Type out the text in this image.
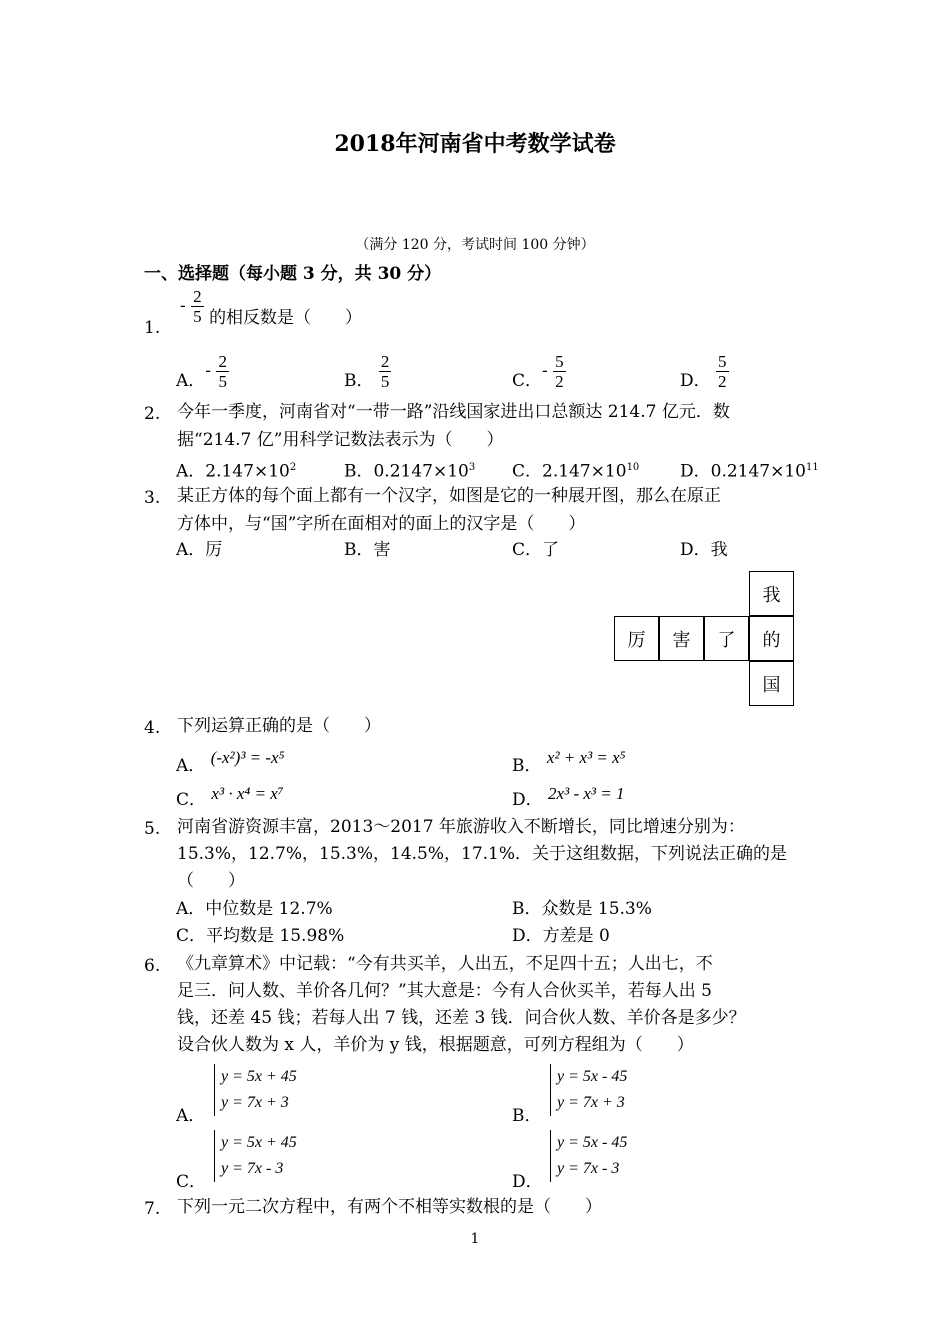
2018年河南省中考数学试卷
（满分 120 分，考试时间 100 分钟）
一、选择题（每小题 3 分，共 30 分）
1.
- $\frac{2}{5}$ 的相反数是（　　）
A．- $\frac{2}{5}$	B． $\frac{2}{5}$	C．- $\frac{5}{2}$	D． $\frac{5}{2}$
2. 今年一季度，河南省对“一带一路”沿线国家进出口总额达 214.7 亿元．数
据“214.7 亿”用科学记数法表示为（　　）
A．$2.147\times 10^2$	B．$0.2147\times 10^3$ C．$2.147\times 10^{10}$ D．$0.2147\times 10^{11}$
3. 某正方体的每个面上都有一个汉字，如图是它的一种展开图，那么在原正
方体中，与“国”字所在面相对的面上的汉字是（　　）
A．厉	B．害	C．了	D．我
我
厉	害	了	的
国
4. 下列运算正确的是（　　）
A． (-x²)³ = -x⁵	B． x² + x³ = x⁵
C． x³ · x⁴ = x⁷	D． 2x³ - x³ = 1
5. 河南省游资源丰富，2013～2017 年旅游收入不断增长，同比增速分别为：
15.3%，12.7%，15.3%，14.5%，17.1%．关于这组数据，下列说法正确的是
（　　）
A．中位数是 12.7%	B．众数是 15.3%
C．平均数是 15.98%	D．方差是 0
6. 《九章算术》中记载：“今有共买羊，人出五，不足四十五；人出七，不
足三．问人数、羊价各几何？”其大意是：今有人合伙买羊，若每人出 5
钱，还差 45 钱；若每人出 7 钱，还差 3 钱．问合伙人数、羊价各是多少？
设合伙人数为 x 人，羊价为 y 钱，根据题意，可列方程组为（　　）
A．
y = 5x + 45
y = 7x + 3
B．
y = 5x - 45
y = 7x + 3
C．
y = 5x + 45
y = 7x - 3
D．
y = 5x - 45
y = 7x - 3
7. 下列一元二次方程中，有两个不相等实数根的是（　　）
1
